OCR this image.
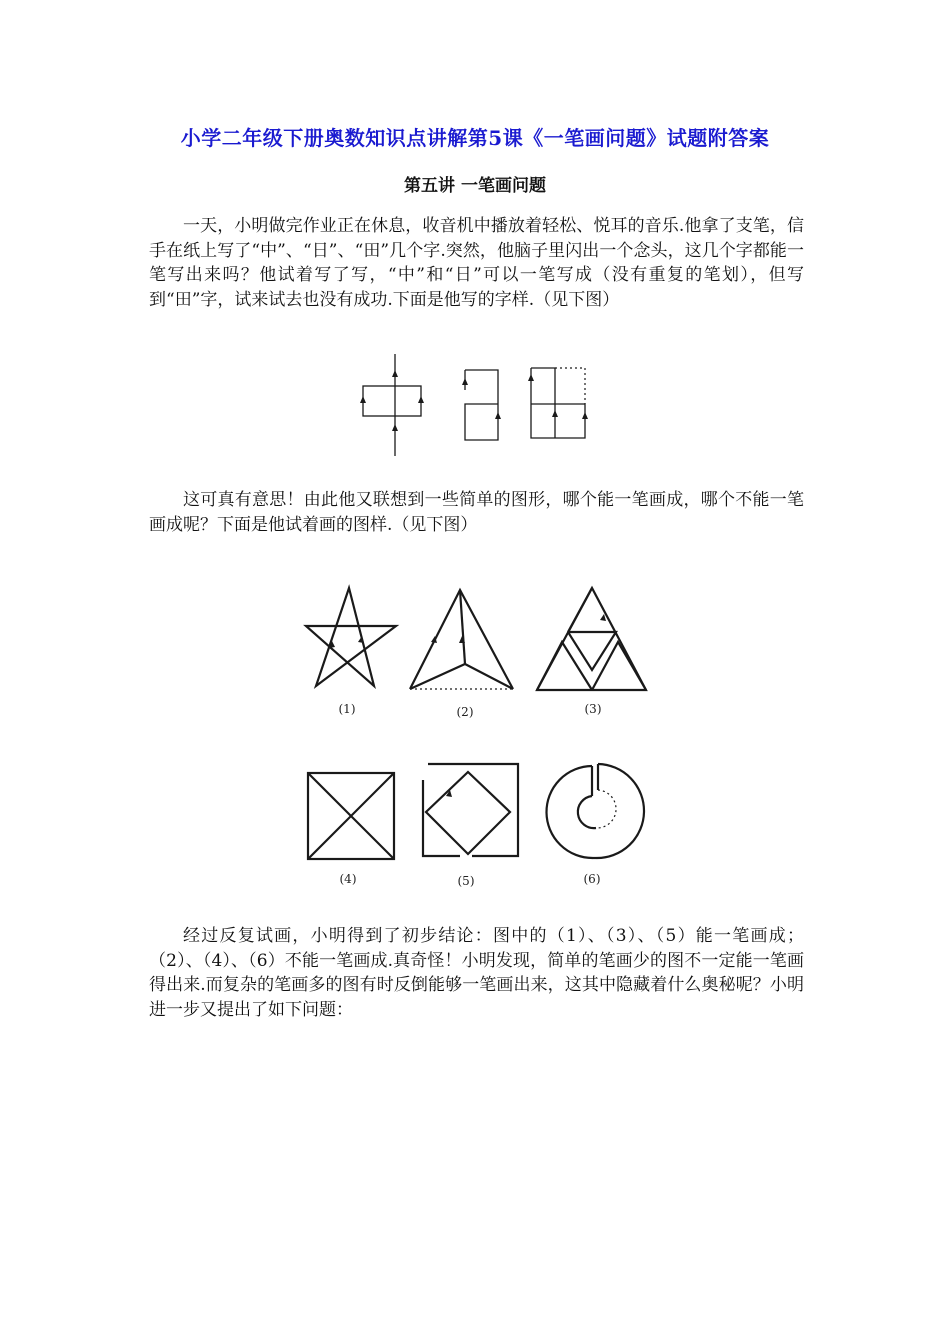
小学二年级下册奥数知识点讲解第5课《一笔画问题》试题附答案
第五讲 一笔画问题

一天，小明做完作业正在休息，收音机中播放着轻松、悦耳的音乐.他拿了支笔，信手在纸上写了“中”、“日”、“田”几个字.突然，他脑子里闪出一个念头，这几个字都能一笔写出来吗？他试着写了写，“中”和“日”可以一笔写成（没有重复的笔划），但写到“田”字，试来试去也没有成功.下面是他写的字样.（见下图）

这可真有意思！由此他又联想到一些简单的图形，哪个能一笔画成，哪个不能一笔画成呢？下面是他试着画的图样.（见下图）

(1)	(2)	(3)
(4)	(5)	(6)

经过反复试画，小明得到了初步结论：图中的（1）、（3）、（5）能一笔画成；（2）、（4）、（6）不能一笔画成.真奇怪！小明发现，简单的笔画少的图不一定能一笔画得出来.而复杂的笔画多的图有时反倒能够一笔画出来，这其中隐藏着什么奥秘呢？小明进一步又提出了如下问题：
